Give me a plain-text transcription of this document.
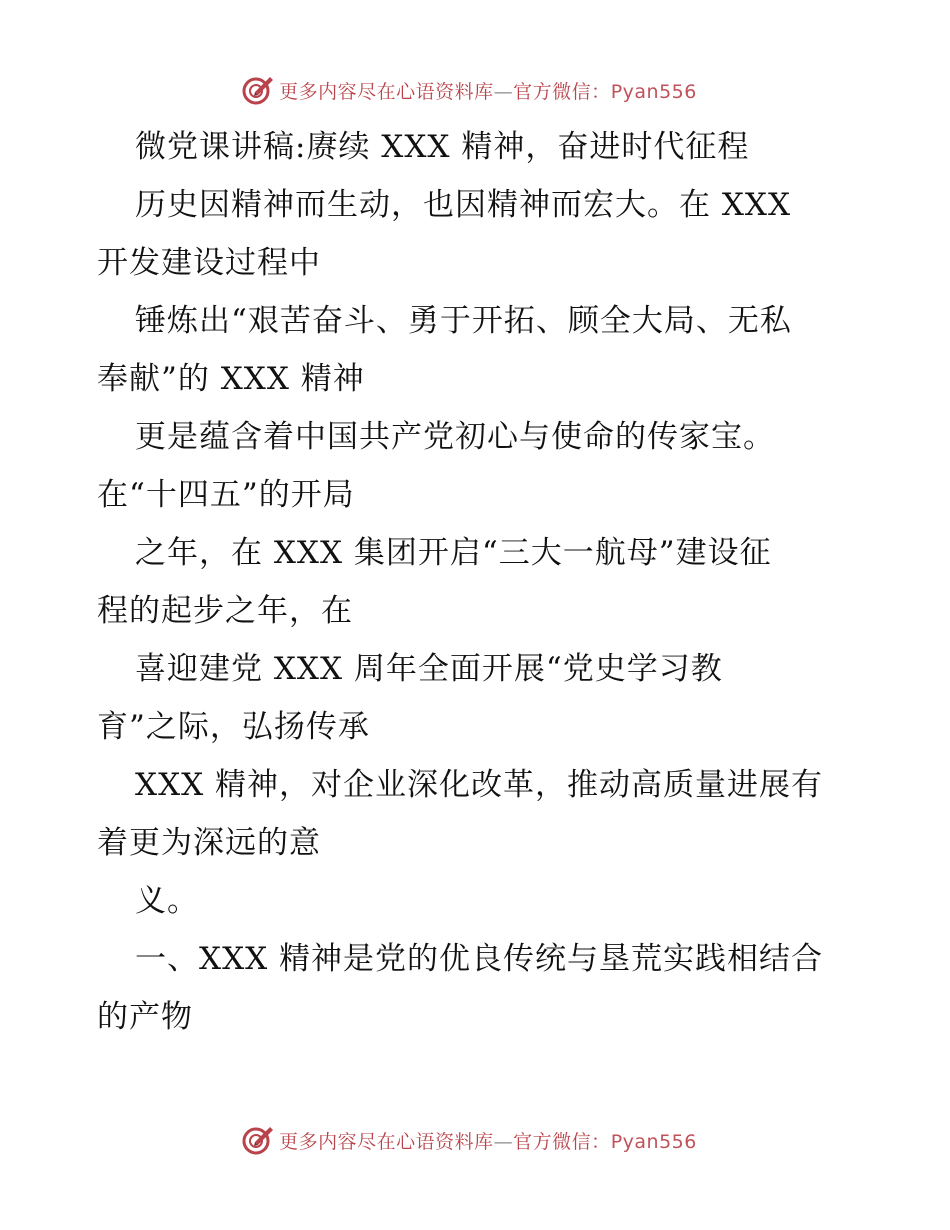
更多内容尽在心语资料库—官方微信：Pyan556
微党课讲稿:赓续 XXX 精神，奋进时代征程
历史因精神而生动，也因精神而宏大。在 XXX
开发建设过程中
锤炼出“艰苦奋斗、勇于开拓、顾全大局、无私
奉献”的 XXX 精神
更是蕴含着中国共产党初心与使命的传家宝。
在“十四五”的开局
之年，在 XXX 集团开启“三大一航母”建设征
程的起步之年，在
喜迎建党 XXX 周年全面开展“党史学习教
育”之际，弘扬传承
XXX 精神，对企业深化改革，推动高质量进展有
着更为深远的意
义。
一、XXX 精神是党的优良传统与垦荒实践相结合
的产物
更多内容尽在心语资料库—官方微信：Pyan556
